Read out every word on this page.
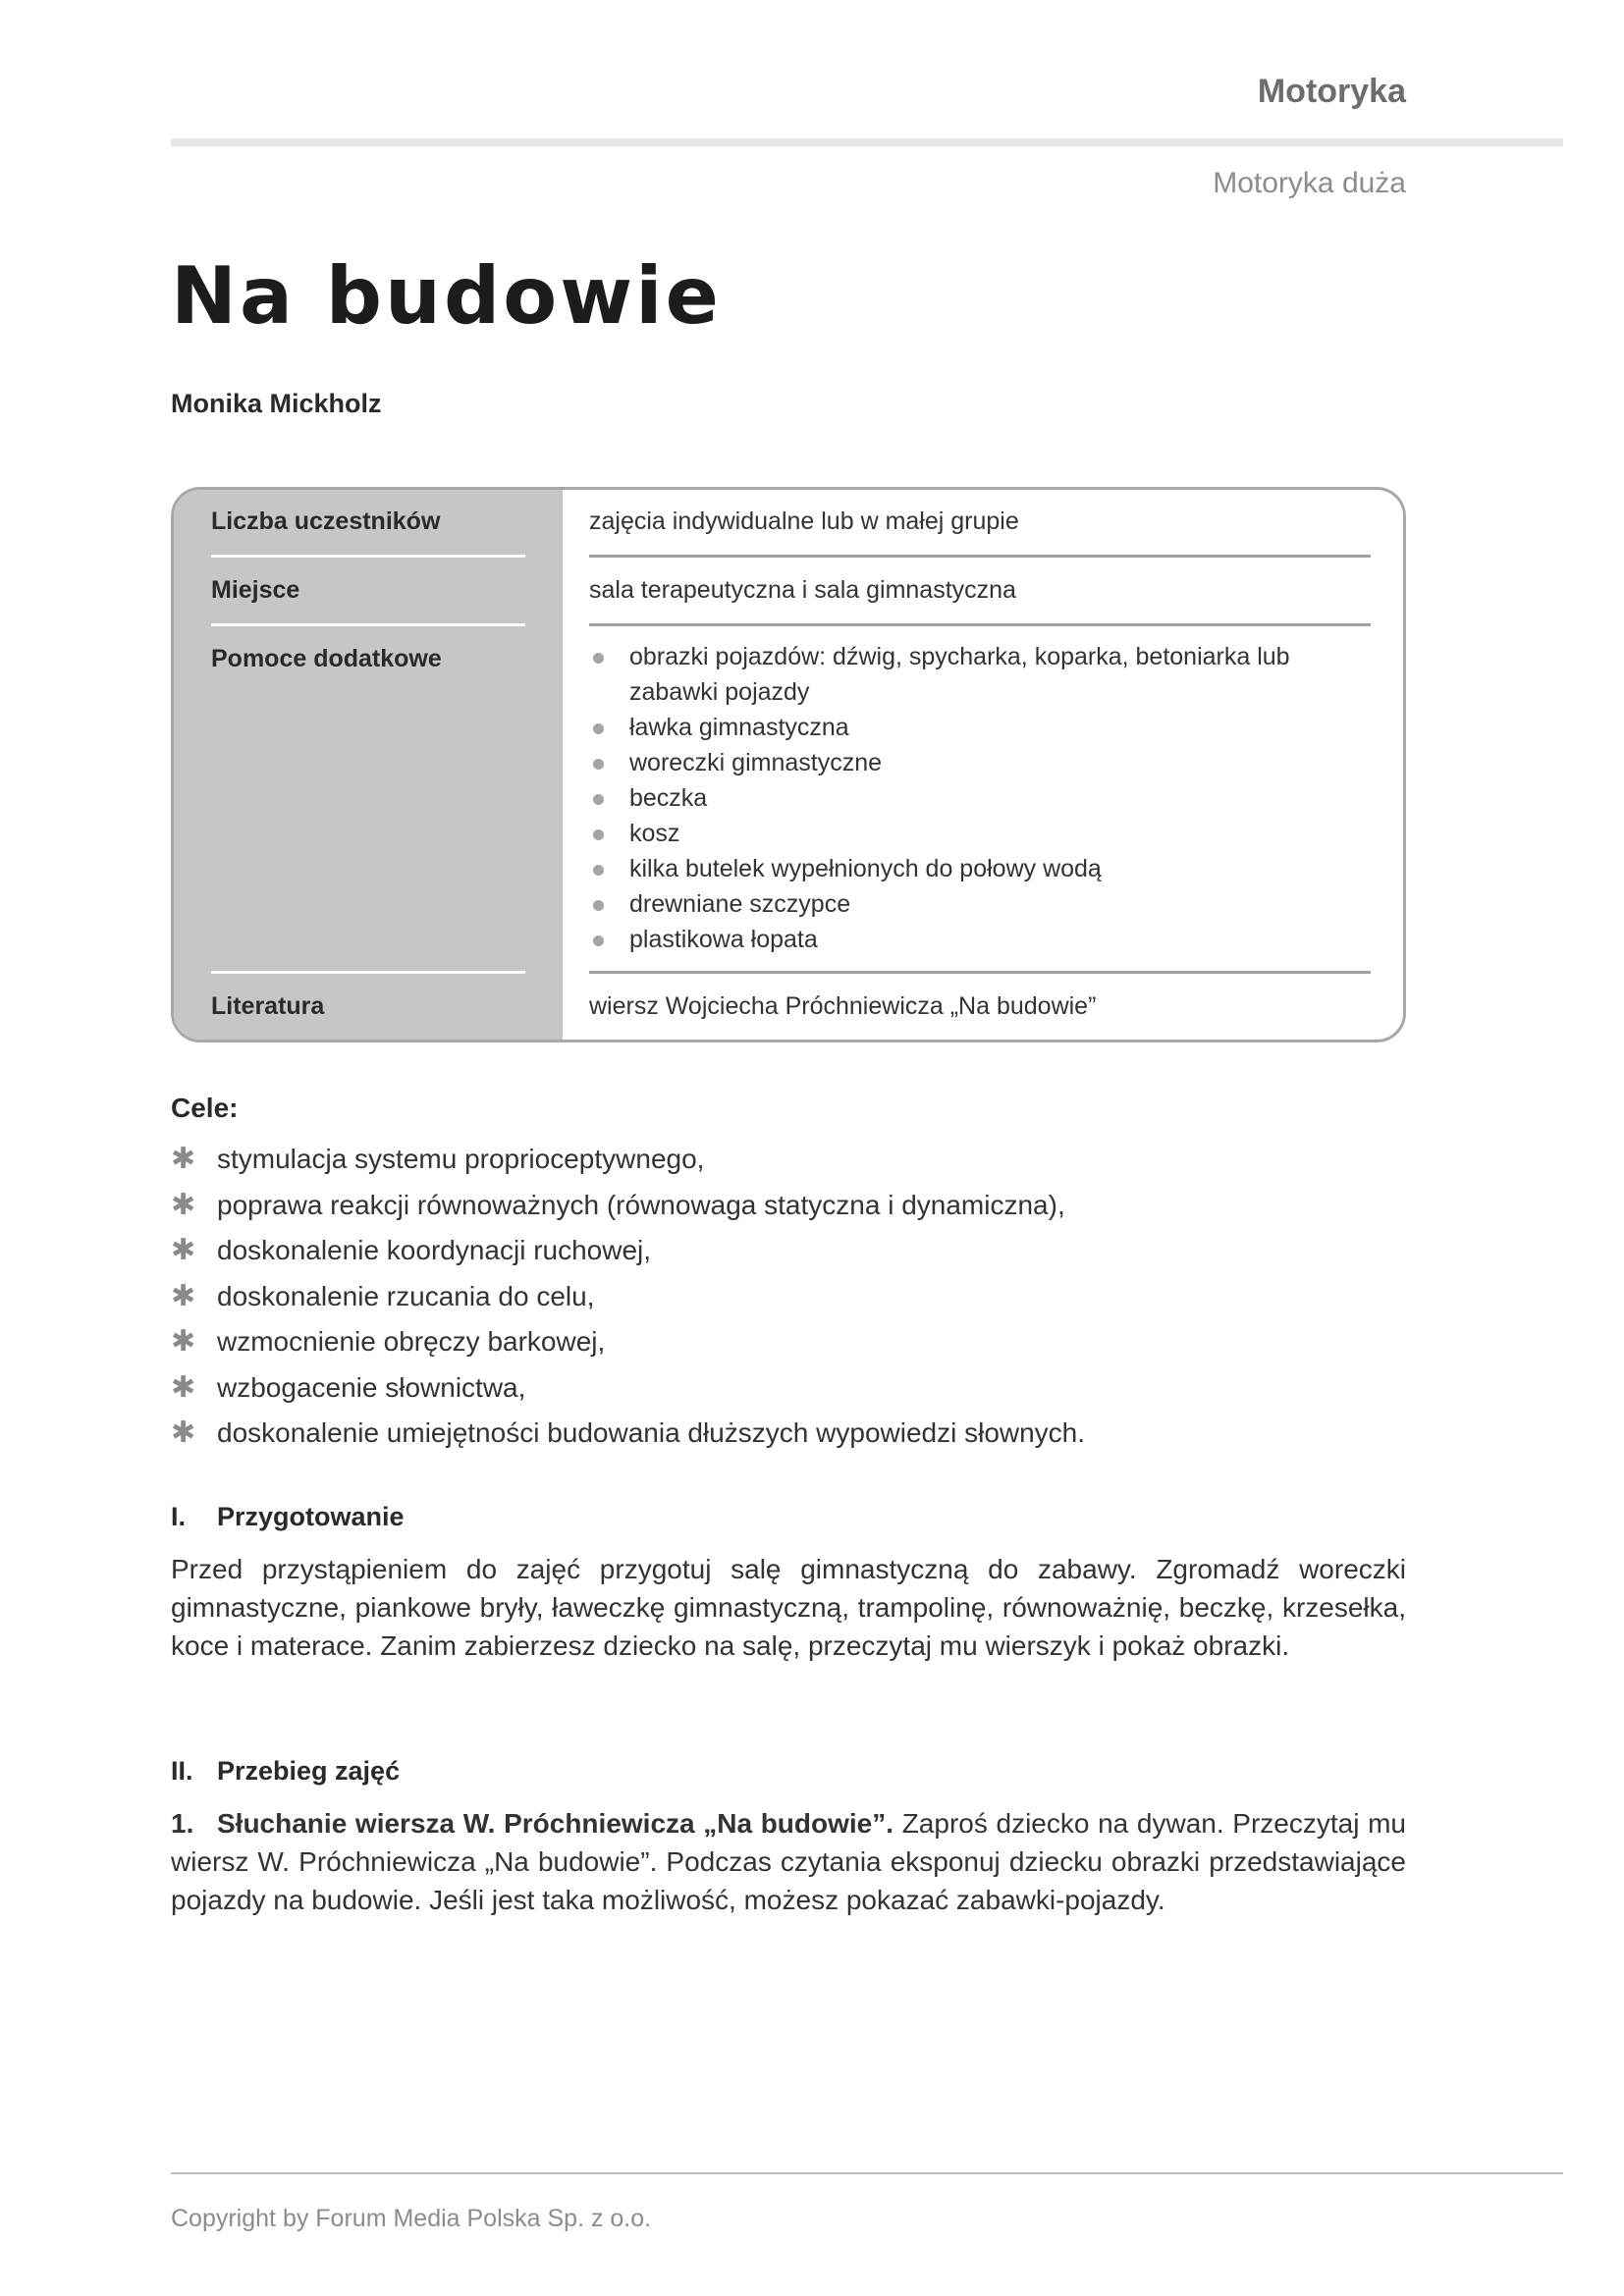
Motoryka
Motoryka duża
Na budowie
Monika Mickholz
Liczba uczestników	zajęcia indywidualne lub w małej grupie
Miejsce	sala terapeutyczna i sala gimnastyczna
Pomoce dodatkowe	obrazki pojazdów: dźwig, spycharka, koparka, betoniarka lub zabawki pojazdy
ławka gimnastyczna
woreczki gimnastyczne
beczka
kosz
kilka butelek wypełnionych do połowy wodą
drewniane szczypce
plastikowa łopata
Literatura	wiersz Wojciecha Próchniewicza „Na budowie”
Cele:
✱ stymulacja systemu proprioceptywnego,
✱ poprawa reakcji równoważnych (równowaga statyczna i dynamiczna),
✱ doskonalenie koordynacji ruchowej,
✱ doskonalenie rzucania do celu,
✱ wzmocnienie obręczy barkowej,
✱ wzbogacenie słownictwa,
✱ doskonalenie umiejętności budowania dłuższych wypowiedzi słownych.
I. Przygotowanie

Przed przystąpieniem do zajęć przygotuj salę gimnastyczną do zabawy. Zgromadź woreczki gimnastyczne, piankowe bryły, ławeczkę gimnastyczną, trampolinę, równoważnię, beczkę, krzesełka, koce i materace. Zanim zabierzesz dziecko na salę, przeczytaj mu wierszyk i pokaż obrazki.

II. Przebieg zajęć

1. Słuchanie wiersza W. Próchniewicza „Na budowie”. Zaproś dziecko na dywan. Przeczytaj mu wiersz W. Próchniewicza „Na budowie”. Podczas czytania eksponuj dziecku obrazki przedstawiające pojazdy na budowie. Jeśli jest taka możliwość, możesz pokazać zabawki-pojazdy.

Copyright by Forum Media Polska Sp. z o.o.
